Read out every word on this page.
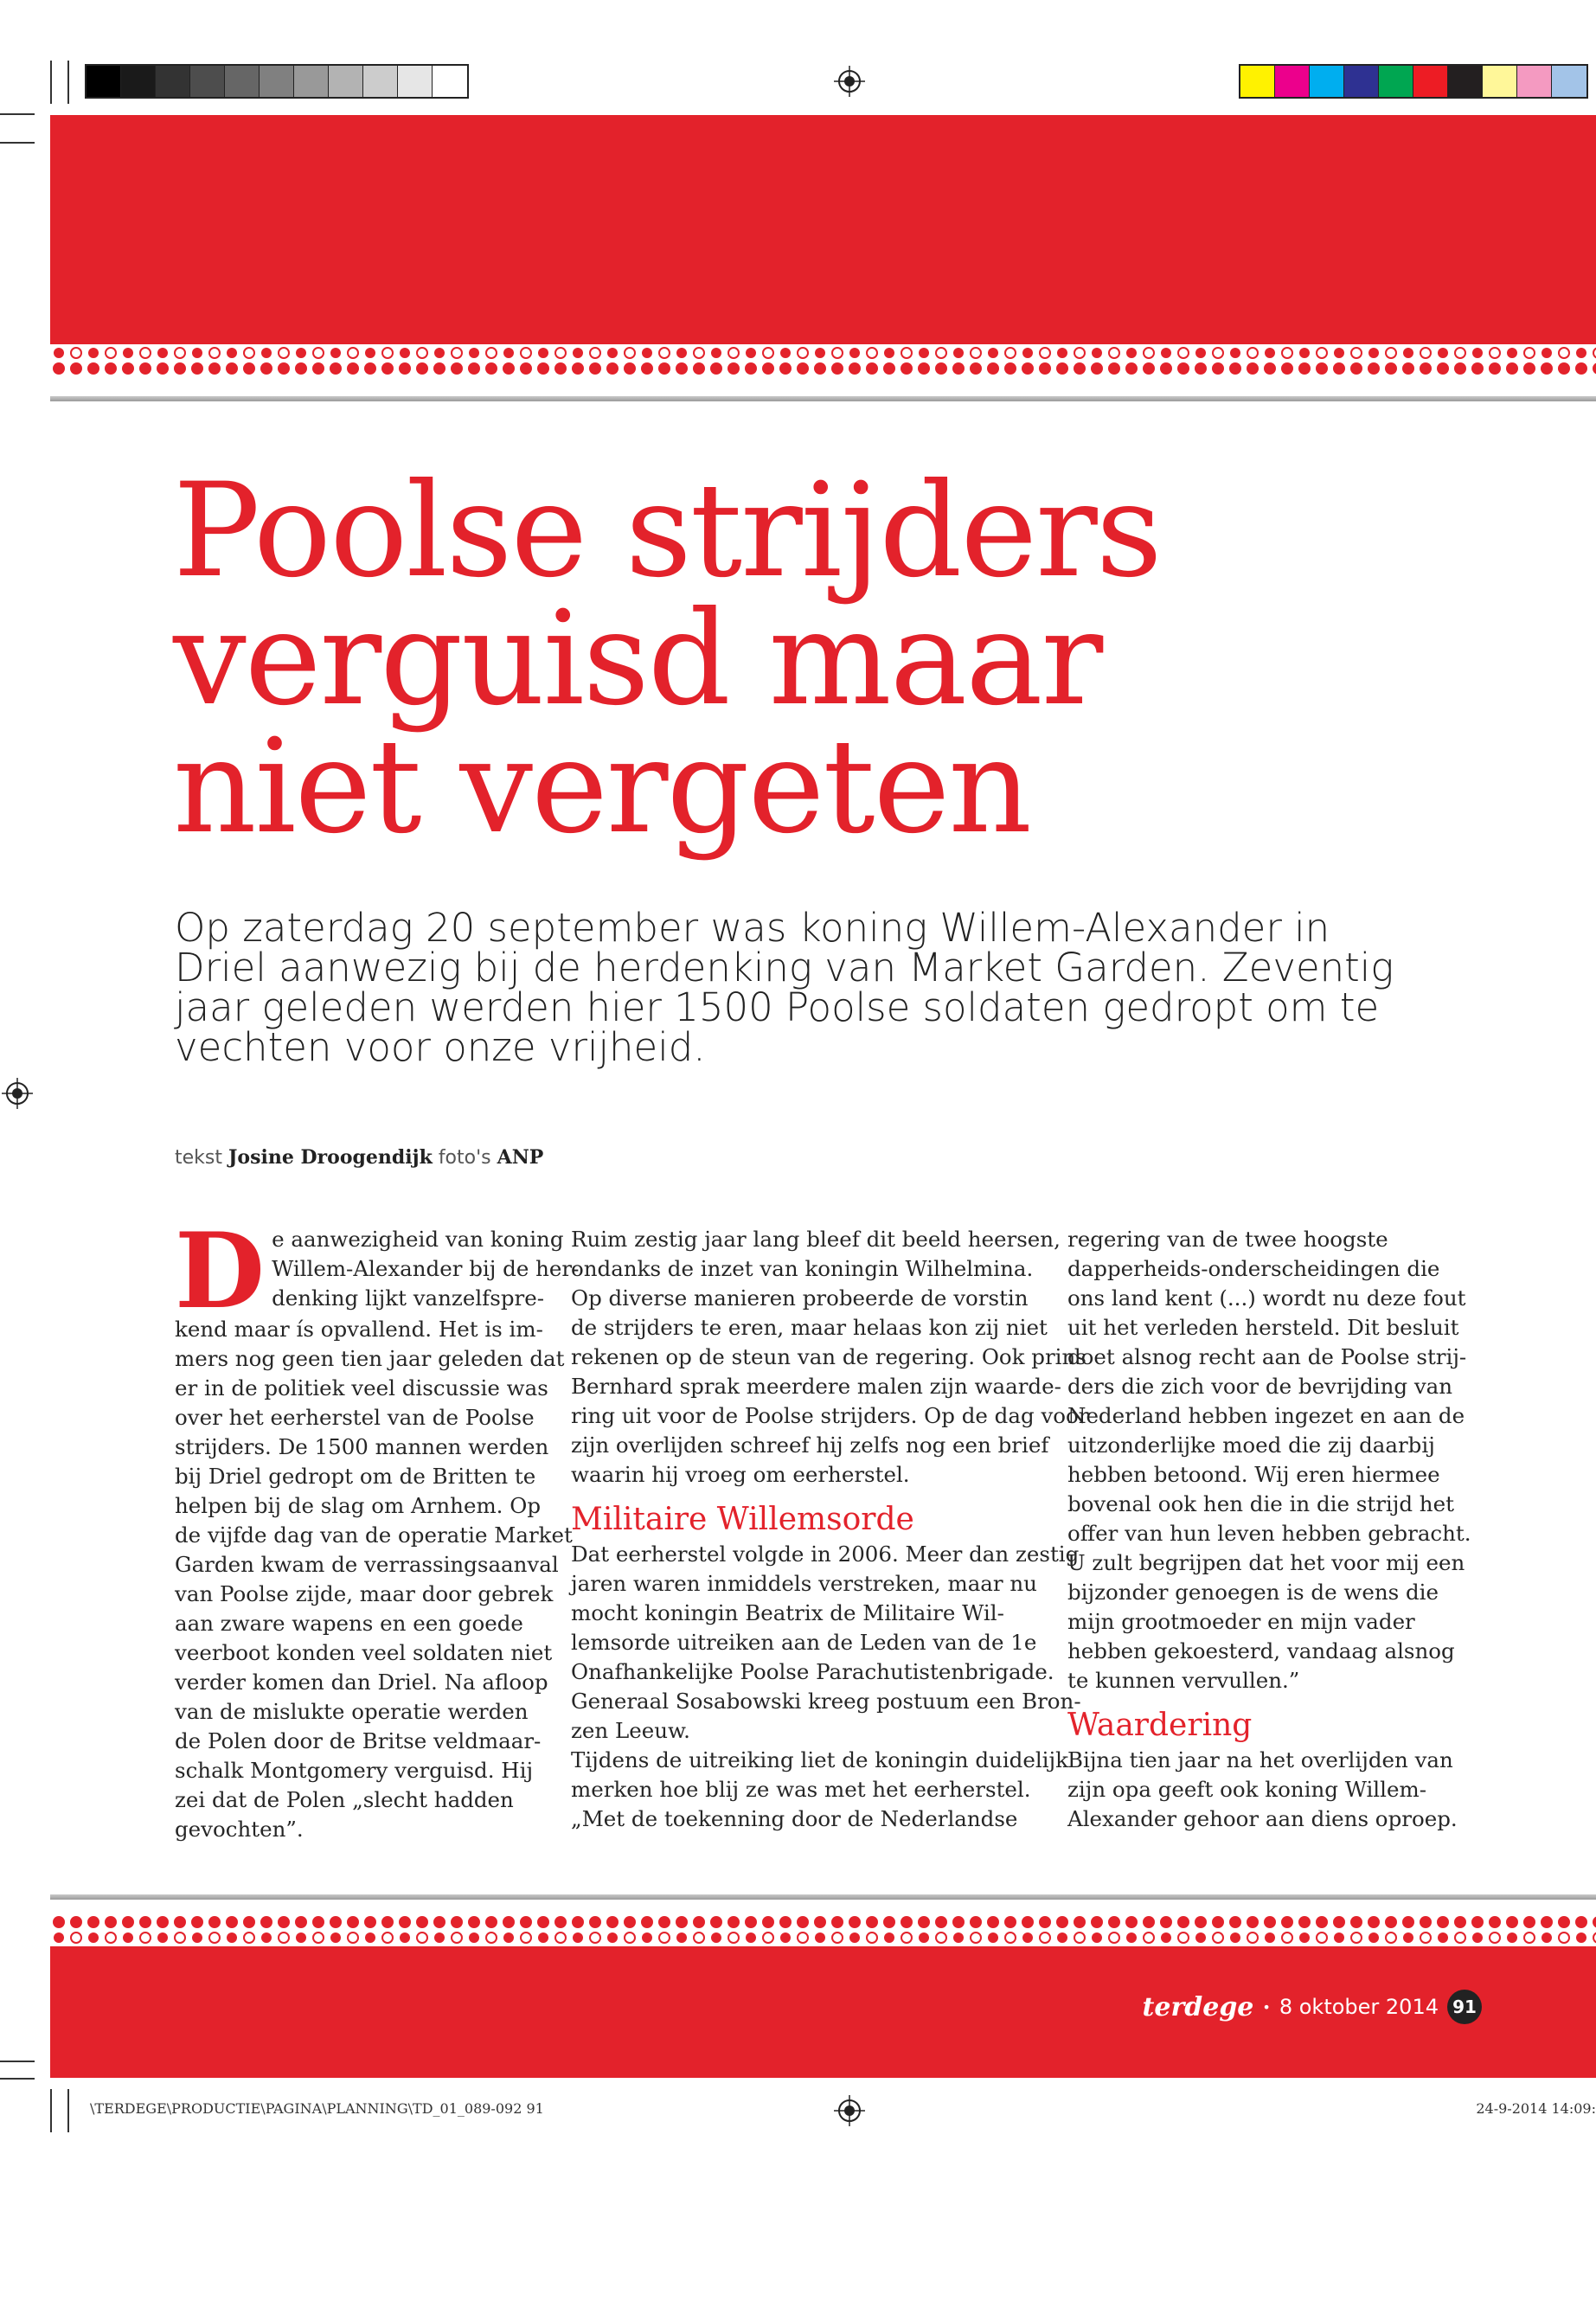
Poolse strijders
verguisd maar
niet vergeten
Op zaterdag 20 september was koning Willem-Alexander in
Driel aanwezig bij de herdenking van Market Garden. Zeventig
jaar geleden werden hier 1500 Poolse soldaten gedropt om te
vechten voor onze vrijheid.
tekst Josine Droogendijk foto's ANP
D e aanwezigheid van koning
Willem-Alexander bij de her-
denking lijkt vanzelfspre-
kend maar ís opvallend. Het is im-
mers nog geen tien jaar geleden dat
er in de politiek veel discussie was
over het eerherstel van de Poolse
strijders. De 1500 mannen werden
bij Driel gedropt om de Britten te
helpen bij de slag om Arnhem. Op
de vijfde dag van de operatie Market
Garden kwam de verrassingsaanval
van Poolse zijde, maar door gebrek
aan zware wapens en een goede
veerboot konden veel soldaten niet
verder komen dan Driel. Na afloop
van de mislukte operatie werden
de Polen door de Britse veldmaar-
schalk Montgomery verguisd. Hij
zei dat de Polen „slecht hadden
gevochten”.
Ruim zestig jaar lang bleef dit beeld heersen,
ondanks de inzet van koningin Wilhelmina.
Op diverse manieren probeerde de vorstin
de strijders te eren, maar helaas kon zij niet
rekenen op de steun van de regering. Ook prins
Bernhard sprak meerdere malen zijn waarde-
ring uit voor de Poolse strijders. Op de dag voor
zijn overlijden schreef hij zelfs nog een brief
waarin hij vroeg om eerherstel.
Militaire Willemsorde
Dat eerherstel volgde in 2006. Meer dan zestig
jaren waren inmiddels verstreken, maar nu
mocht koningin Beatrix de Militaire Wil-
lemsorde uitreiken aan de Leden van de 1e
Onafhankelijke Poolse Parachutistenbrigade.
Generaal Sosabowski kreeg postuum een Bron-
zen Leeuw.
Tijdens de uitreiking liet de koningin duidelijk
merken hoe blij ze was met het eerherstel.
„Met de toekenning door de Nederlandse
regering van de twee hoogste
dapperheids-onderscheidingen die
ons land kent (...) wordt nu deze fout
uit het verleden hersteld. Dit besluit
doet alsnog recht aan de Poolse strij-
ders die zich voor de bevrijding van
Nederland hebben ingezet en aan de
uitzonderlijke moed die zij daarbij
hebben betoond. Wij eren hiermee
bovenal ook hen die in die strijd het
offer van hun leven hebben gebracht.
U zult begrijpen dat het voor mij een
bijzonder genoegen is de wens die
mijn grootmoeder en mijn vader
hebben gekoesterd, vandaag alsnog
te kunnen vervullen.”
Waardering
Bijna tien jaar na het overlijden van
zijn opa geeft ook koning Willem-
Alexander gehoor aan diens oproep.
terdege • 8 oktober 2014 91
\TERDEGE\PRODUCTIE\PAGINA\PLANNING\TD_01_089-092 91	24-9-2014 14:09:
